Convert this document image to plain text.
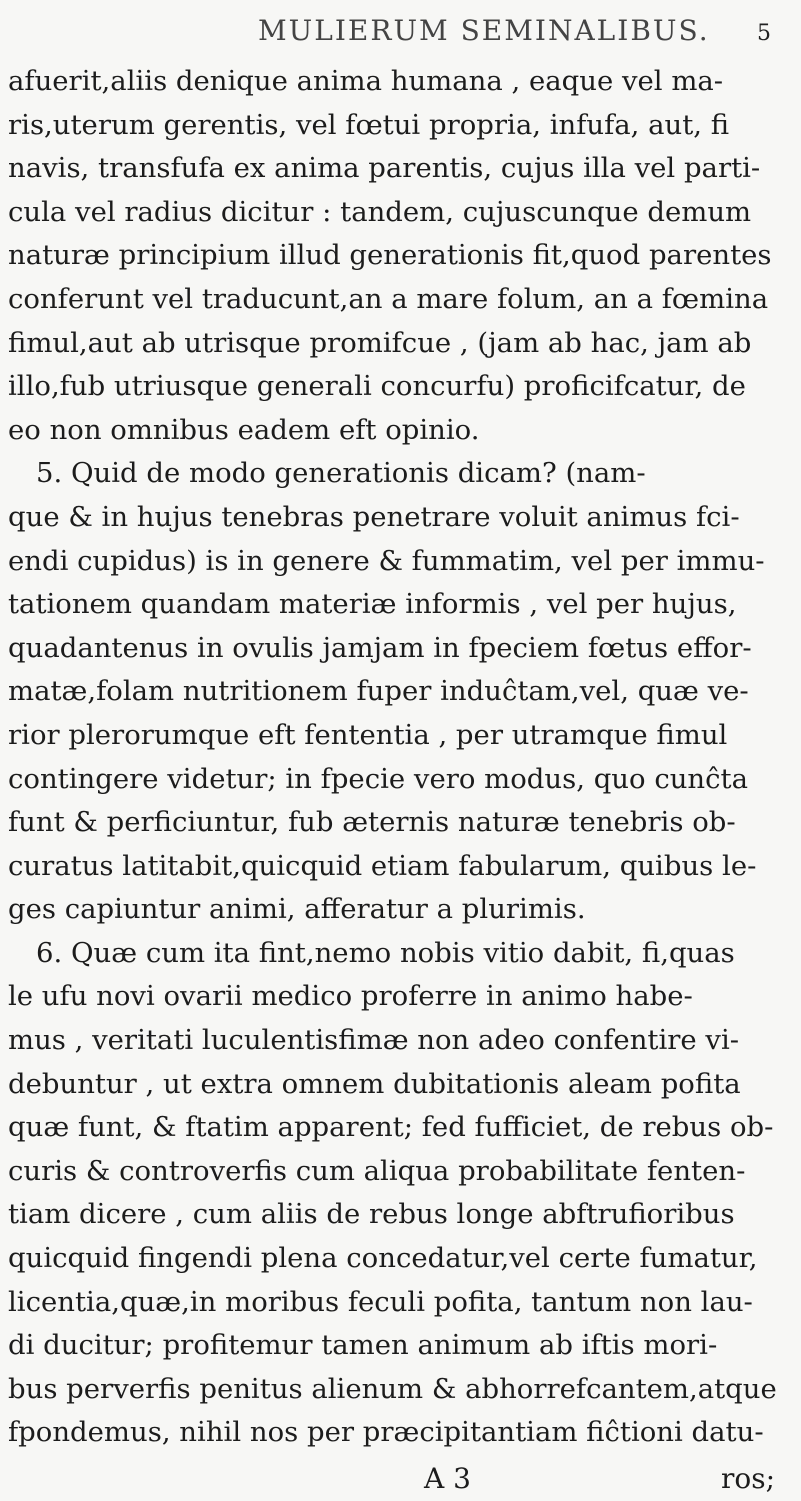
MULIERUM SEMINALIBUS. 5
afuerit,aliis denique anima humana , eaque vel ma-
ris,uterum gerentis, vel fœtui propria, infufa, aut, fi
navis, transfufa ex anima parentis, cujus illa vel parti-
cula vel radius dicitur : tandem, cujuscunque demum
naturæ principium illud generationis fit,quod parentes
conferunt vel traducunt,an a mare folum, an a fœmina
fimul,aut ab utrisque promifcue , (jam ab hac, jam ab
illo,fub utriusque generali concurfu) proficifcatur, de
eo non omnibus eadem eft opinio.
5. Quid de modo generationis dicam? (nam-
que & in hujus tenebras penetrare voluit animus fci-
endi cupidus) is in genere & fummatim, vel per immu-
tationem quandam materiæ informis , vel per hujus,
quadantenus in ovulis jamjam in fpeciem fœtus effor-
matæ,folam nutritionem fuper induĉtam,vel, quæ ve-
rior plerorumque eft fententia , per utramque fimul
contingere videtur; in fpecie vero modus, quo cunĉta
funt & perficiuntur, fub æternis naturæ tenebris ob-
curatus latitabit,quicquid etiam fabularum, quibus le-
ges capiuntur animi, afferatur a plurimis.
6. Quæ cum ita fint,nemo nobis vitio dabit, fi,quas
le ufu novi ovarii medico proferre in animo habe-
mus , veritati luculentisfimæ non adeo confentire vi-
debuntur , ut extra omnem dubitationis aleam pofita
quæ funt, & ftatim apparent; fed fufficiet, de rebus ob-
curis & controverfis cum aliqua probabilitate fenten-
tiam dicere , cum aliis de rebus longe abftrufioribus
quicquid fingendi plena concedatur,vel certe fumatur,
licentia,quæ,in moribus feculi pofita, tantum non lau-
di ducitur; profitemur tamen animum ab iftis mori-
bus perverfis penitus alienum & abhorrefcantem,atque
fpondemus, nihil nos per præcipitantiam fiĉtioni datu-
A 3	ros;
